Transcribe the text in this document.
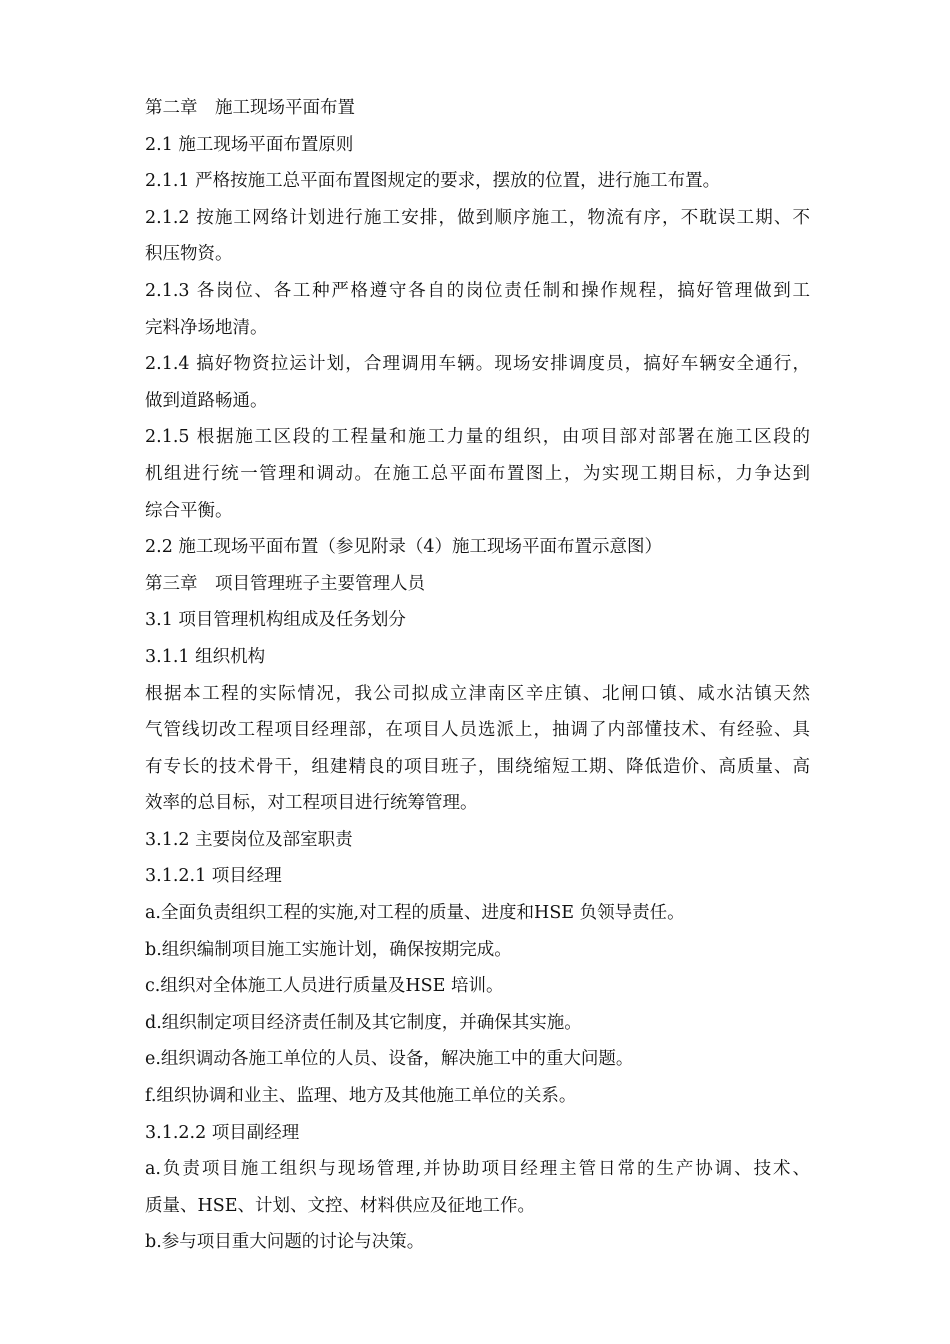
第二章　施工现场平面布置

2.1 施工现场平面布置原则

2.1.1 严格按施工总平面布置图规定的要求，摆放的位置，进行施工布置。

2.1.2 按施工网络计划进行施工安排，做到顺序施工，物流有序，不耽误工期、不

积压物资。

2.1.3 各岗位、各工种严格遵守各自的岗位责任制和操作规程，搞好管理做到工

完料净场地清。

2.1.4 搞好物资拉运计划，合理调用车辆。现场安排调度员，搞好车辆安全通行，

做到道路畅通。

2.1.5 根据施工区段的工程量和施工力量的组织，由项目部对部署在施工区段的

机组进行统一管理和调动。在施工总平面布置图上，为实现工期目标，力争达到

综合平衡。

2.2 施工现场平面布置（参见附录（4）施工现场平面布置示意图）

第三章　项目管理班子主要管理人员

3.1 项目管理机构组成及任务划分

3.1.1 组织机构

根据本工程的实际情况，我公司拟成立津南区辛庄镇、北闸口镇、咸水沽镇天然

气管线切改工程项目经理部，在项目人员选派上，抽调了内部懂技术、有经验、具

有专长的技术骨干，组建精良的项目班子，围绕缩短工期、降低造价、高质量、高

效率的总目标，对工程项目进行统筹管理。

3.1.2 主要岗位及部室职责

3.1.2.1 项目经理

a.全面负责组织工程的实施,对工程的质量、进度和HSE 负领导责任。

b.组织编制项目施工实施计划，确保按期完成。

c.组织对全体施工人员进行质量及HSE 培训。

d.组织制定项目经济责任制及其它制度，并确保其实施。

e.组织调动各施工单位的人员、设备，解决施工中的重大问题。

f.组织协调和业主、监理、地方及其他施工单位的关系。

3.1.2.2 项目副经理

a.负责项目施工组织与现场管理,并协助项目经理主管日常的生产协调、技术、

质量、HSE、计划、文控、材料供应及征地工作。

b.参与项目重大问题的讨论与决策。
